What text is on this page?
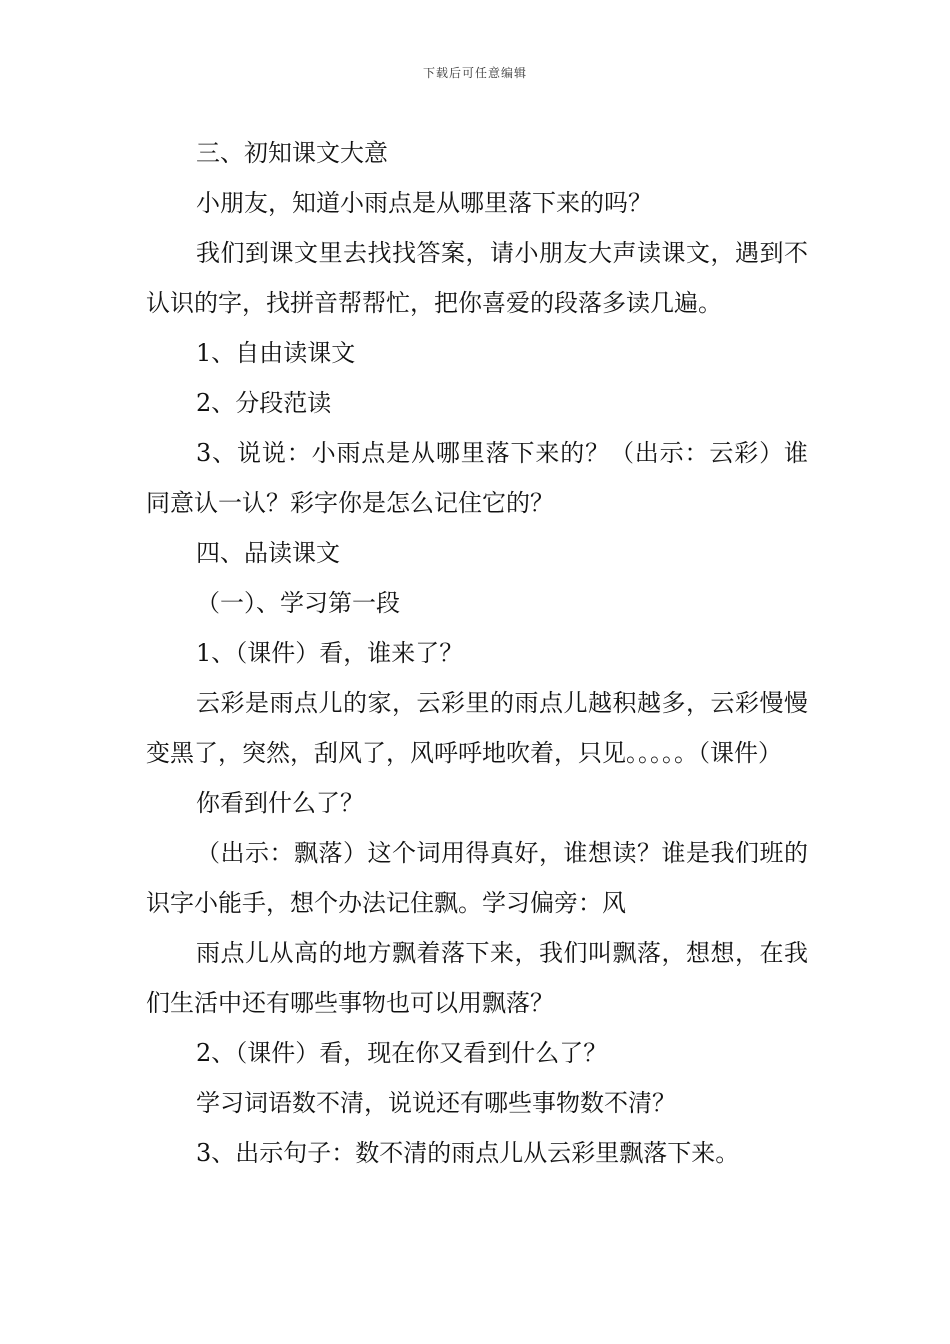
下载后可任意编辑

三、初知课文大意

小朋友，知道小雨点是从哪里落下来的吗？

我们到课文里去找找答案，请小朋友大声读课文，遇到不认识的字，找拼音帮帮忙，把你喜爱的段落多读几遍。

1、自由读课文

2、分段范读

3、说说：小雨点是从哪里落下来的？（出示：云彩）谁同意认一认？彩字你是怎么记住它的？

四、品读课文

（一）、学习第一段

1、（课件）看，谁来了？

云彩是雨点儿的家，云彩里的雨点儿越积越多，云彩慢慢变黑了，突然，刮风了，风呼呼地吹着，只见。。。。。（课件）

你看到什么了？

（出示：飘落）这个词用得真好，谁想读？谁是我们班的识字小能手，想个办法记住飘。学习偏旁：风

雨点儿从高的地方飘着落下来，我们叫飘落，想想，在我们生活中还有哪些事物也可以用飘落？

2、（课件）看，现在你又看到什么了？

学习词语数不清，说说还有哪些事物数不清？

3、出示句子：数不清的雨点儿从云彩里飘落下来。
